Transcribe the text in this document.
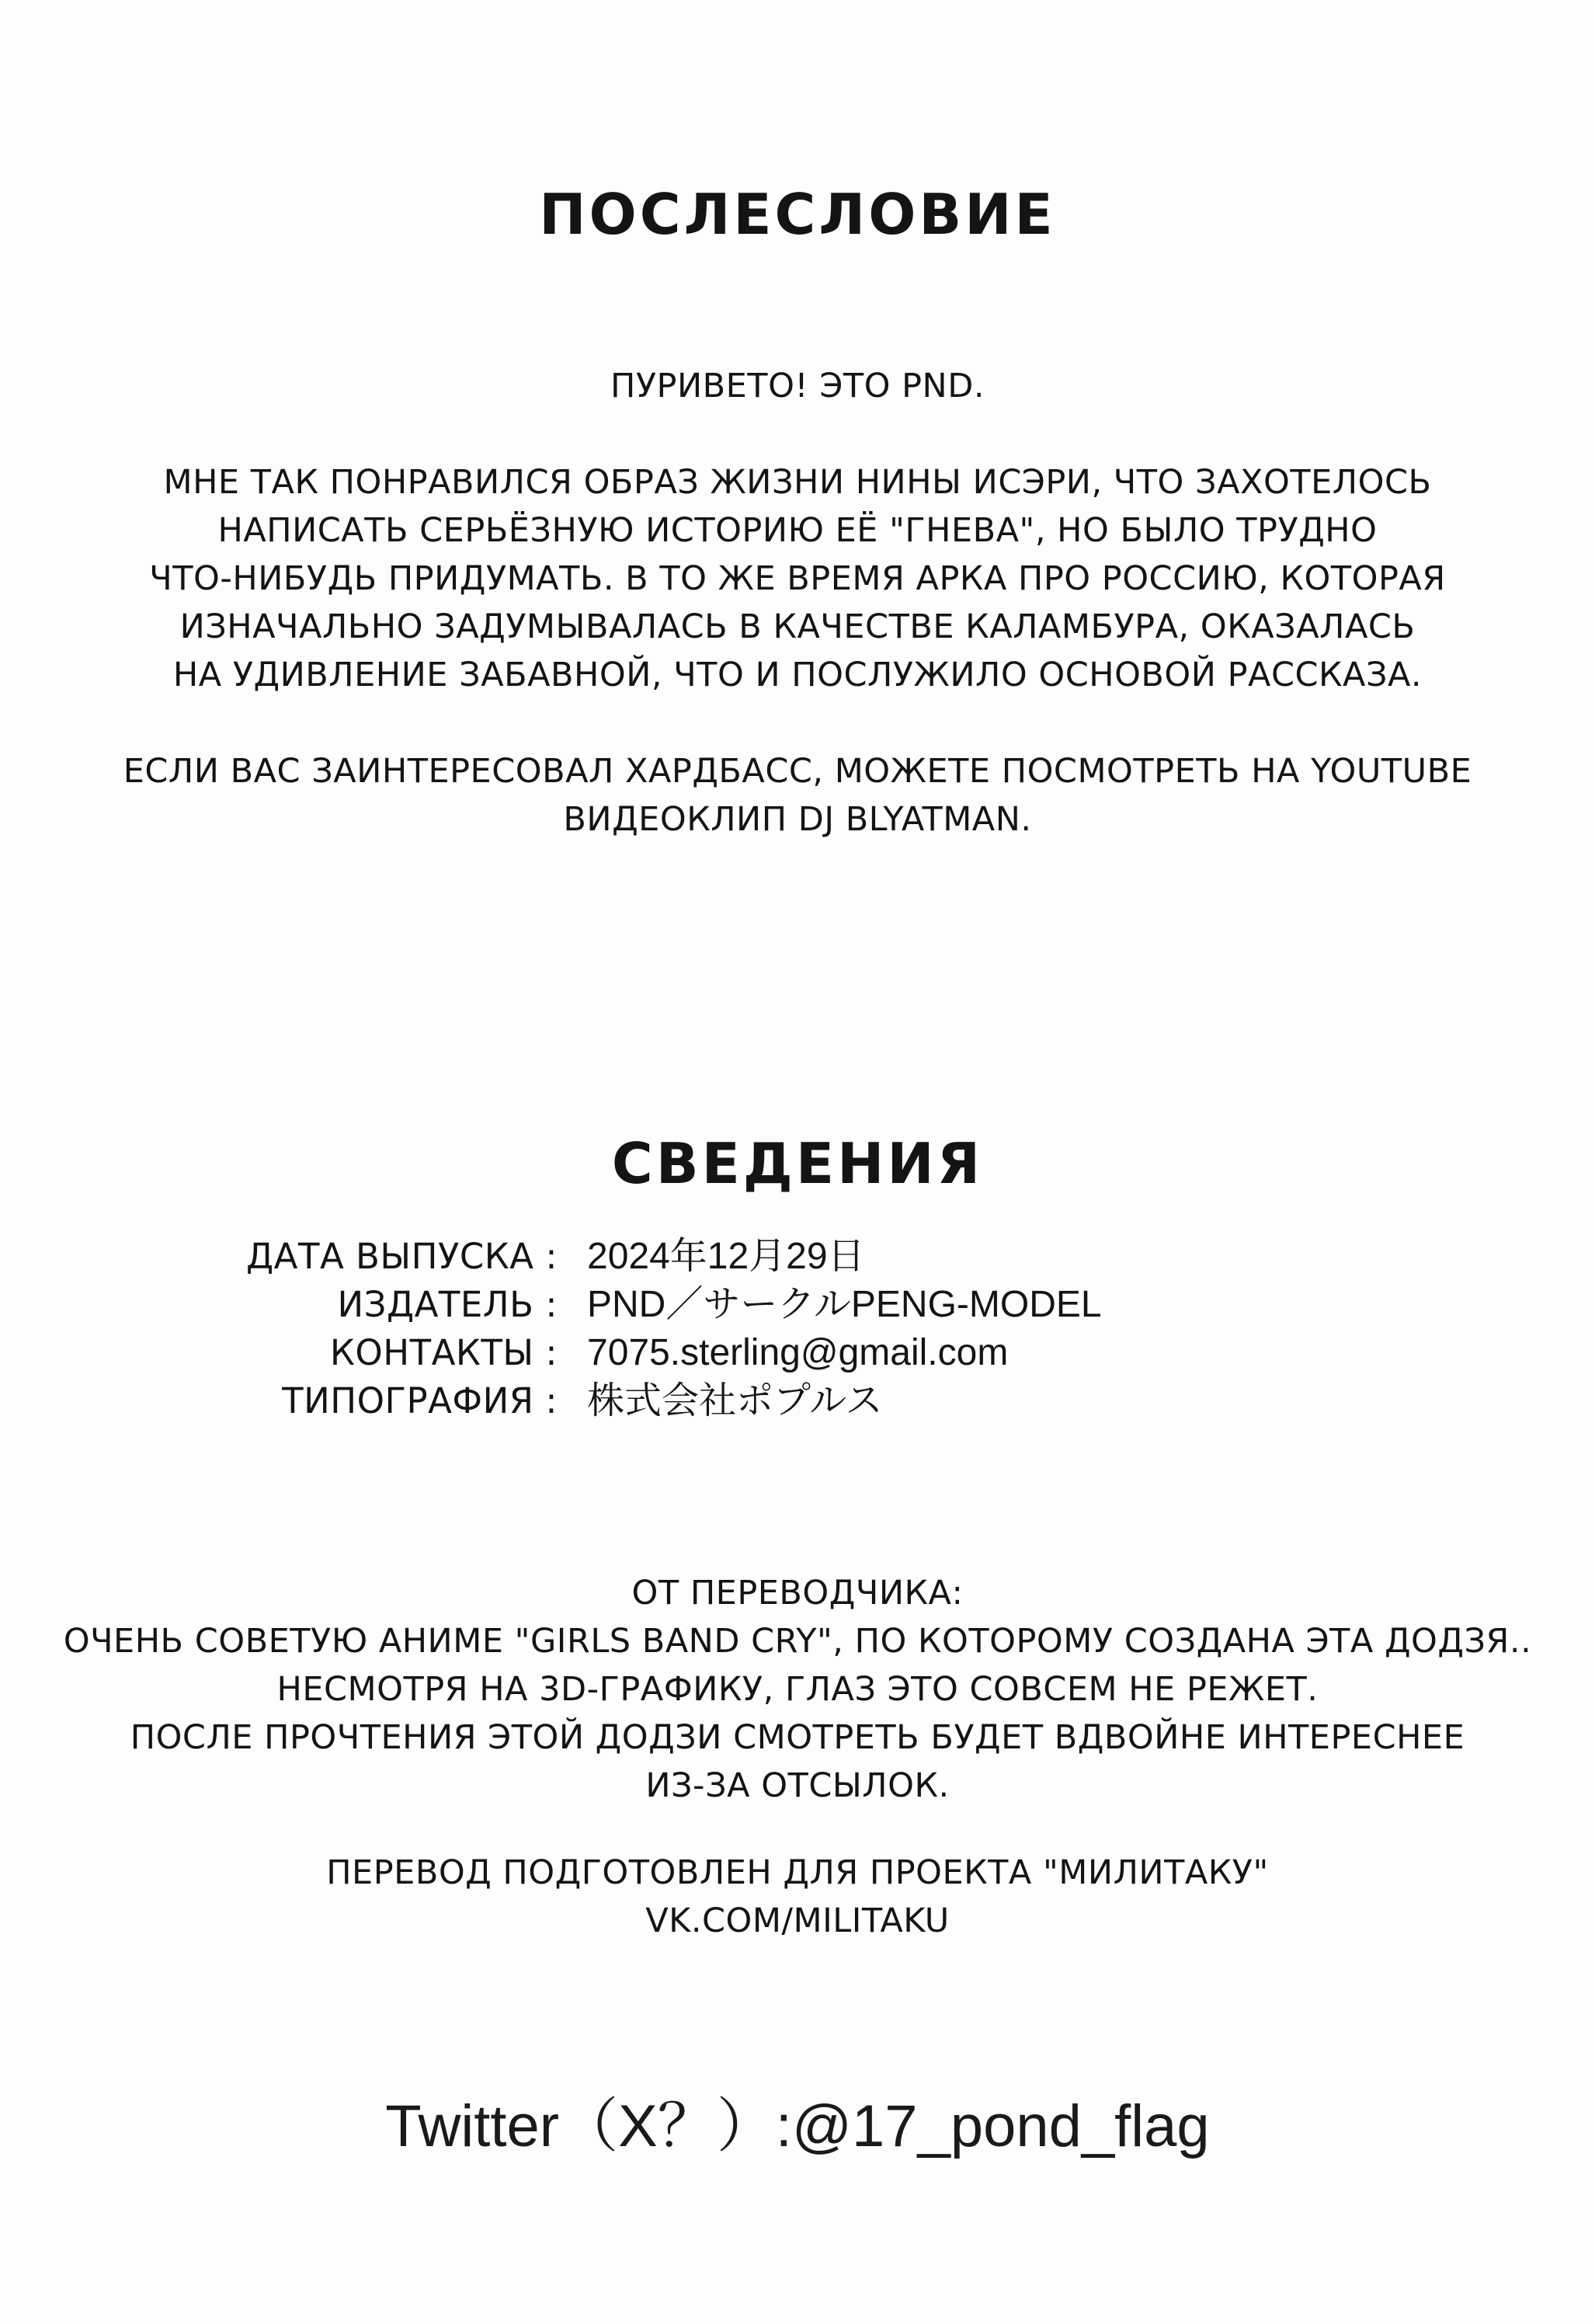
ПОСЛЕСЛОВИЕ
ПУРИВЕТО! ЭТО PND.
МНЕ ТАК ПОНРАВИЛСЯ ОБРАЗ ЖИЗНИ НИНЫ ИСЭРИ, ЧТО ЗАХОТЕЛОСЬ
НАПИСАТЬ СЕРЬЁЗНУЮ ИСТОРИЮ ЕЁ "ГНЕВА", НО БЫЛО ТРУДНО
ЧТО-НИБУДЬ ПРИДУМАТЬ. В ТО ЖЕ ВРЕМЯ АРКА ПРО РОССИЮ, КОТОРАЯ
ИЗНАЧАЛЬНО ЗАДУМЫВАЛАСЬ В КАЧЕСТВЕ КАЛАМБУРА, ОКАЗАЛАСЬ
НА УДИВЛЕНИЕ ЗАБАВНОЙ, ЧТО И ПОСЛУЖИЛО ОСНОВОЙ РАССКАЗА.
ЕСЛИ ВАС ЗАИНТЕРЕСОВАЛ ХАРДБАСС, МОЖЕТЕ ПОСМОТРЕТЬ НА YOUTUBE
ВИДЕОКЛИП DJ BLYATMAN.
СВЕДЕНИЯ
ДАТА ВЫПУСКА : 2024年12月29日
ИЗДАТЕЛЬ : PND／サークルPENG-MODEL
КОНТАКТЫ : 7075.sterling@gmail.com
ТИПОГРАФИЯ : 株式会社ポプルス
ОТ ПЕРЕВОДЧИКА:
ОЧЕНЬ СОВЕТУЮ АНИМЕ "GIRLS BAND CRY", ПО КОТОРОМУ СОЗДАНА ЭТА ДОДЗЯ..
НЕСМОТРЯ НА 3D-ГРАФИКУ, ГЛАЗ ЭТО СОВСЕМ НЕ РЕЖЕТ.
ПОСЛЕ ПРОЧТЕНИЯ ЭТОЙ ДОДЗИ СМОТРЕТЬ БУДЕТ ВДВОЙНЕ ИНТЕРЕСНЕЕ
ИЗ-ЗА ОТСЫЛОК.
ПЕРЕВОД ПОДГОТОВЛЕН ДЛЯ ПРОЕКТА "МИЛИТАКУ"
VK.COM/MILITAKU
Twitter（X？）:@17_pond_flag
